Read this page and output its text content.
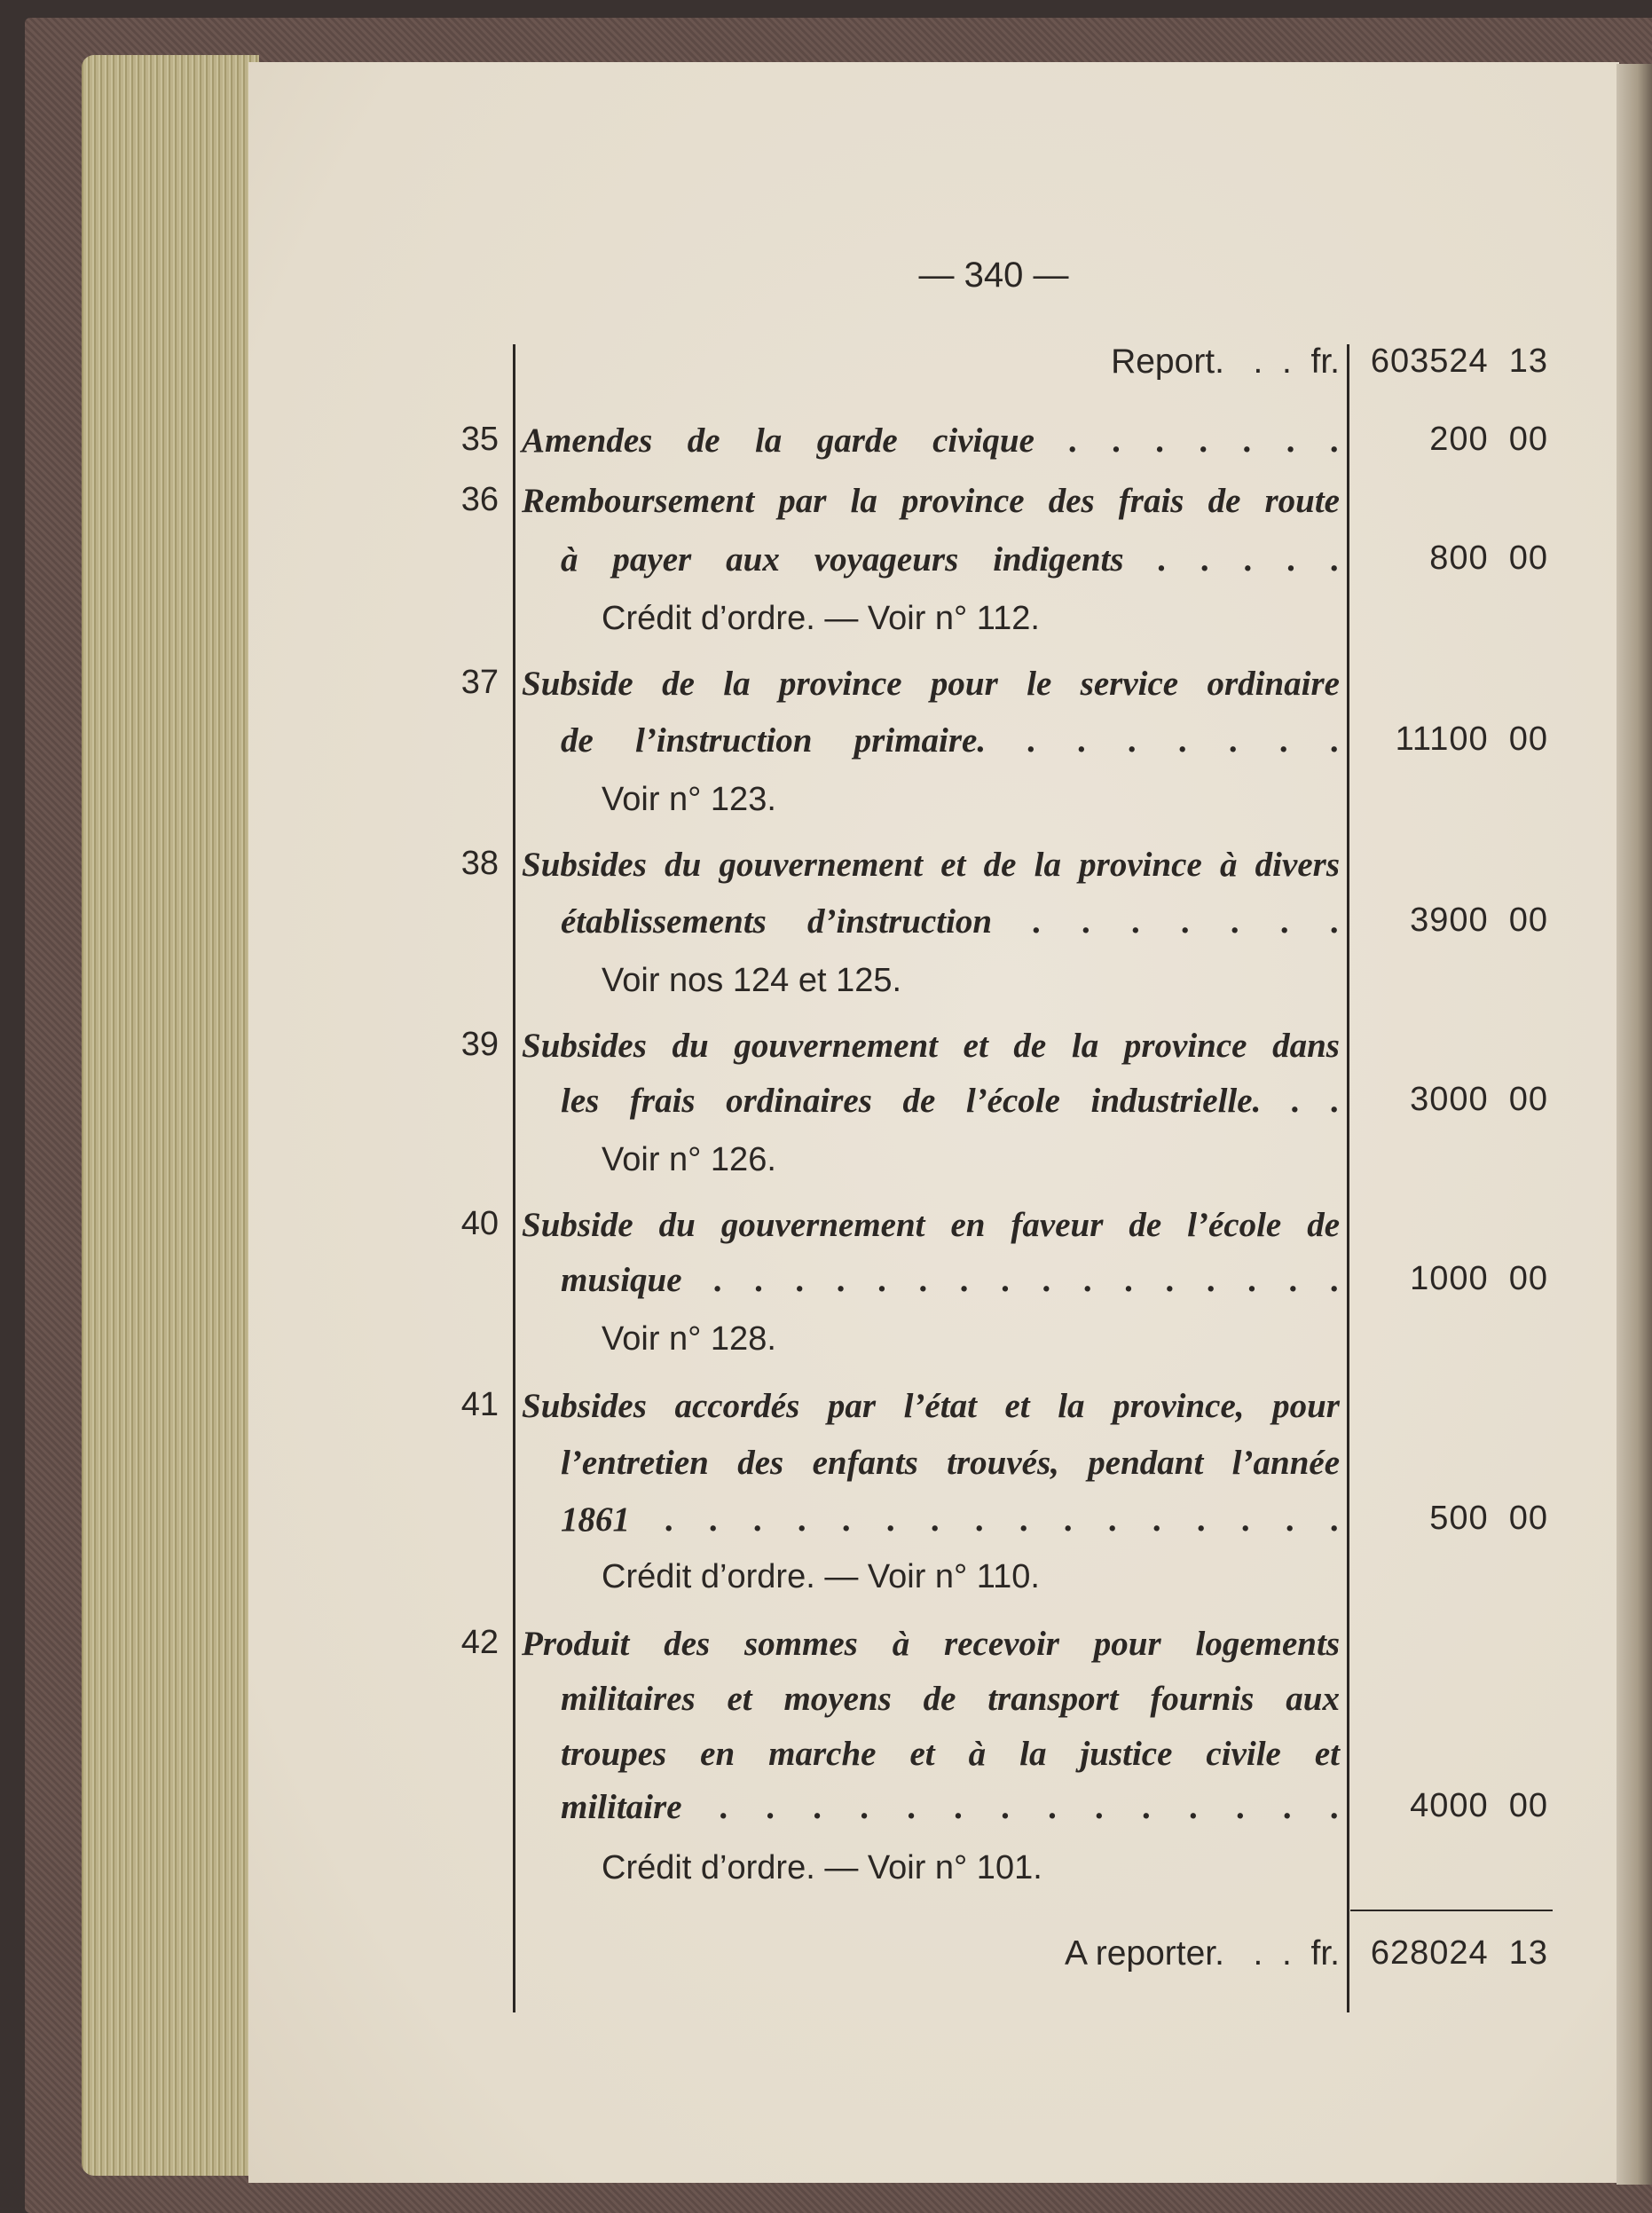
— 340 —
Report.   .  .  fr. 603524  13
35 Amendes de la garde civique . . . . . . .	200  00
36 Remboursement par la province des frais de route
à payer aux voyageurs indigents . . . . .	800  00
Crédit d’ordre. — Voir n° 112.
37 Subside de la province pour le service ordinaire
de l’instruction primaire. . . . . . . .	11100  00
Voir n° 123.
38 Subsides du gouvernement et de la province à divers
établissements d’instruction . . . . . . .	3900  00
Voir nos 124 et 125.
39 Subsides du gouvernement et de la province dans
les frais ordinaires de l’école industrielle. . .	3000  00
Voir n° 126.
40 Subside du gouvernement en faveur de l’école de
musique . . . . . . . . . . . . . . . .	1000  00
Voir n° 128.
41 Subsides accordés par l’état et la province, pour
l’entretien des enfants trouvés, pendant l’année
1861 . . . . . . . . . . . . . . . .	500  00
Crédit d’ordre. — Voir n° 110.
42 Produit des sommes à recevoir pour logements
militaires et moyens de transport fournis aux
troupes en marche et à la justice civile et
militaire . . . . . . . . . . . . . .	4000  00
Crédit d’ordre. — Voir n° 101.
A reporter.   .  .  fr. 628024  13
